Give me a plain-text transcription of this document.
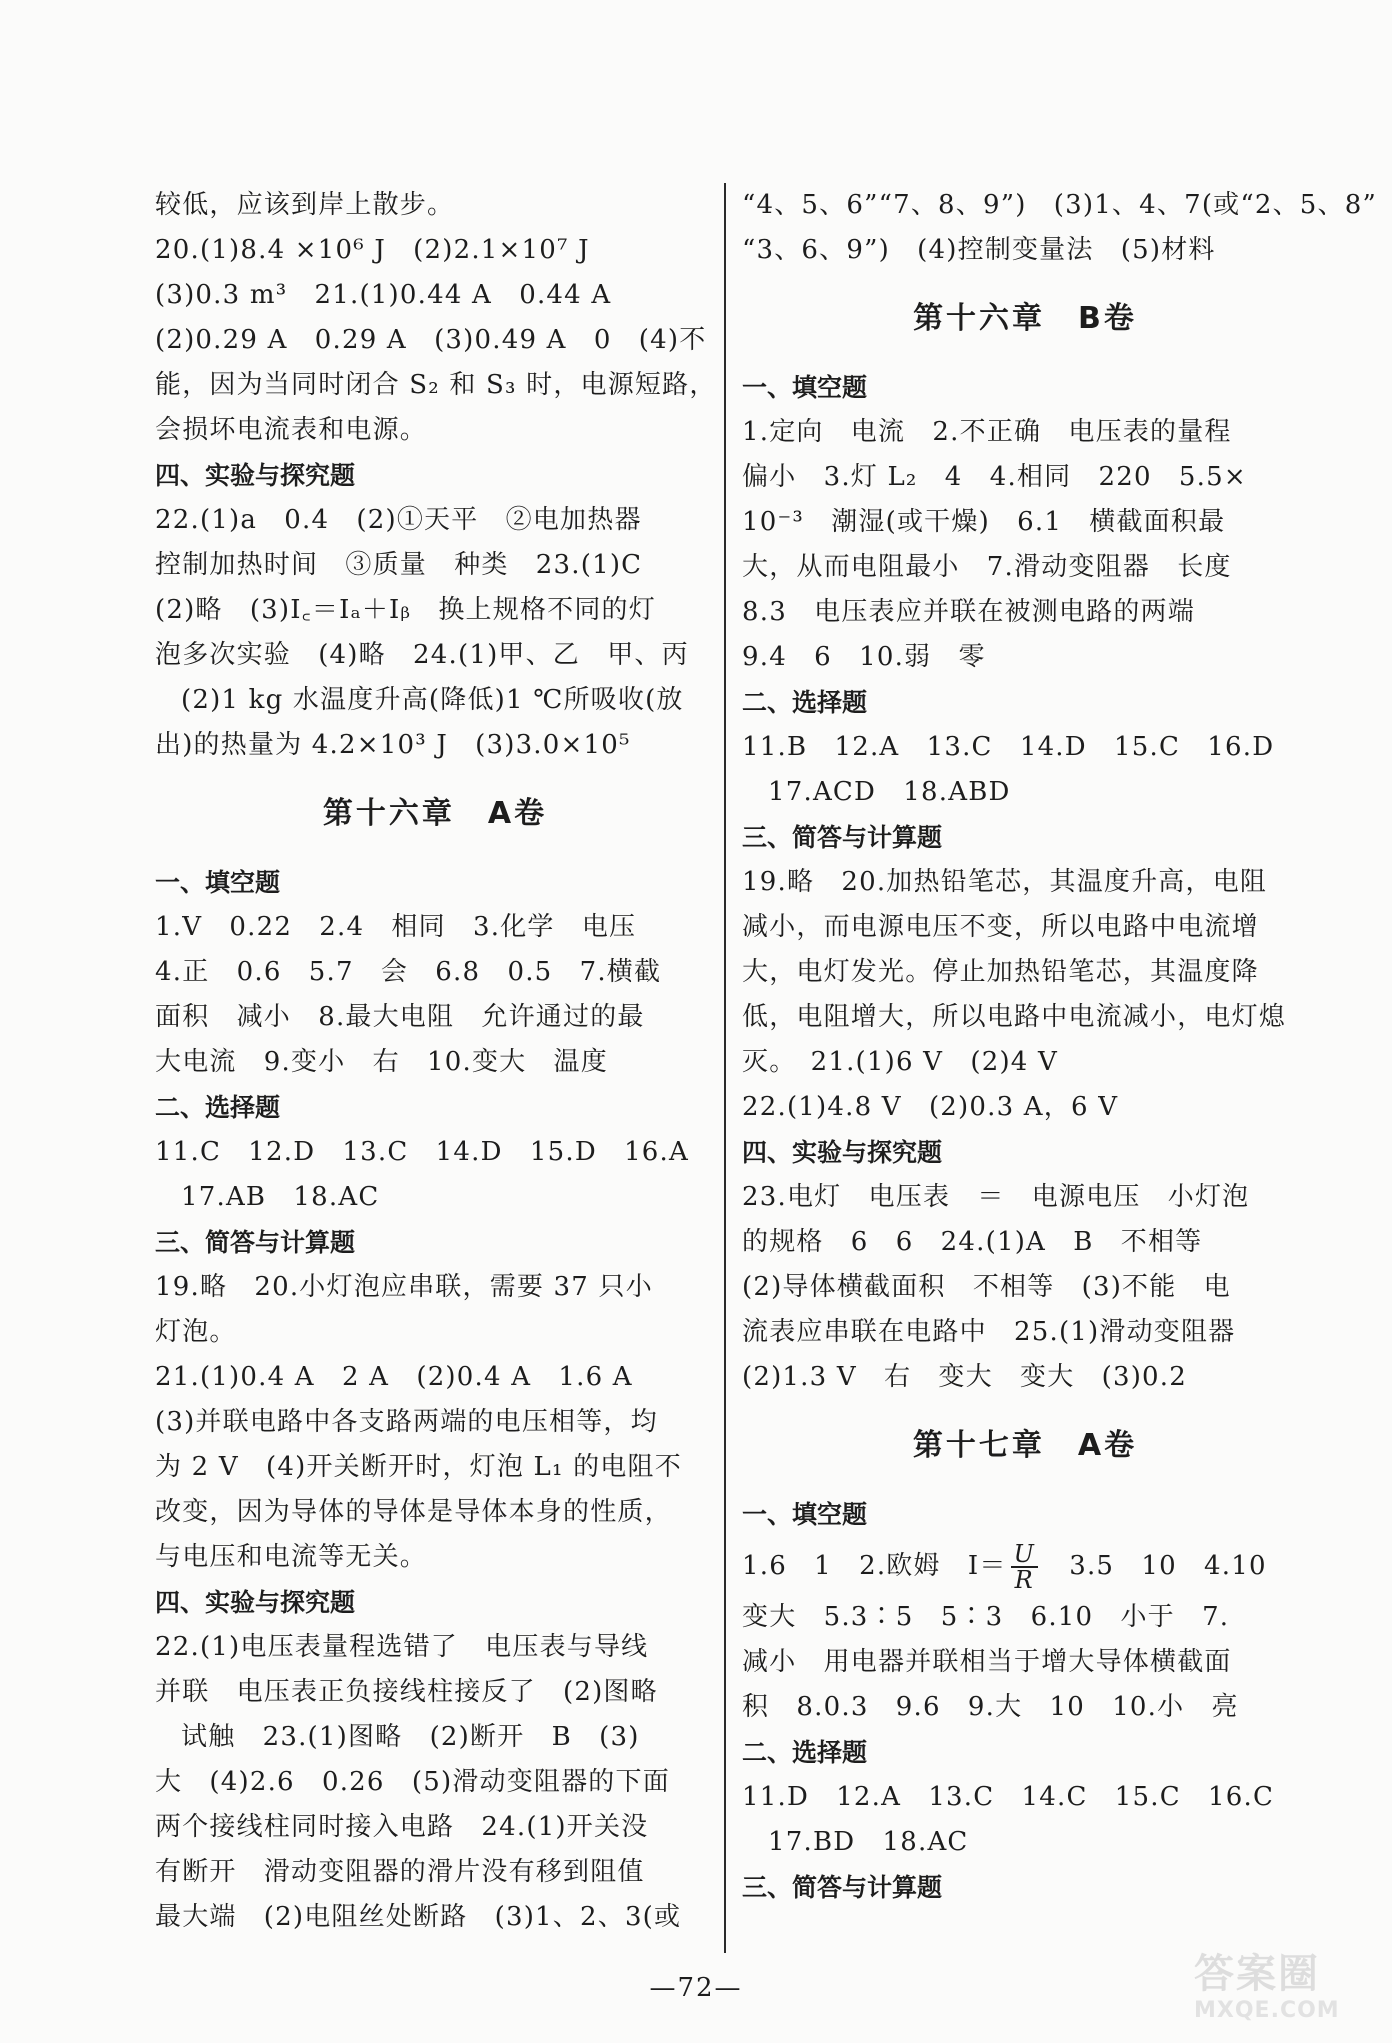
较低，应该到岸上散步。
20.(1)8.4 ×10⁶ J　(2)2.1×10⁷ J
(3)0.3 m³　21.(1)0.44 A　0.44 A
(2)0.29 A　0.29 A　(3)0.49 A　0　(4)不
能，因为当同时闭合 S₂ 和 S₃ 时，电源短路，
会损坏电流表和电源。
四、实验与探究题
22.(1)a　0.4　(2)①天平　②电加热器
控制加热时间　③质量　种类　23.(1)C
(2)略　(3)I꜀＝Iₐ＋Iᵦ　换上规格不同的灯
泡多次实验　(4)略　24.(1)甲、乙　甲、丙
(2)1 kg 水温度升高(降低)1 ℃所吸收(放
出)的热量为 4.2×10³ J　(3)3.0×10⁵
第十六章　A卷
一、填空题
1.V　0.22　2.4　相同　3.化学　电压
4.正　0.6　5.7　会　6.8　0.5　7.横截
面积　减小　8.最大电阻　允许通过的最
大电流　9.变小　右　10.变大　温度
二、选择题
11.C　12.D　13.C　14.D　15.D　16.A
17.AB　18.AC
三、简答与计算题
19.略　20.小灯泡应串联，需要 37 只小
灯泡。
21.(1)0.4 A　2 A　(2)0.4 A　1.6 A
(3)并联电路中各支路两端的电压相等，均
为 2 V　(4)开关断开时，灯泡 L₁ 的电阻不
改变，因为导体的导体是导体本身的性质，
与电压和电流等无关。
四、实验与探究题
22.(1)电压表量程选错了　电压表与导线
并联　电压表正负接线柱接反了　(2)图略
试触　23.(1)图略　(2)断开　B　(3)
大　(4)2.6　0.26　(5)滑动变阻器的下面
两个接线柱同时接入电路　24.(1)开关没
有断开　滑动变阻器的滑片没有移到阻值
最大端　(2)电阻丝处断路　(3)1、2、3(或
“4、5、6”“7、8、9”)　(3)1、4、7(或“2、5、8”
“3、6、9”)　(4)控制变量法　(5)材料
第十六章　B卷
一、填空题
1.定向　电流　2.不正确　电压表的量程
偏小　3.灯 L₂　4　4.相同　220　5.5×
10⁻³　潮湿(或干燥)　6.1　横截面积最
大，从而电阻最小　7.滑动变阻器　长度
8.3　电压表应并联在被测电路的两端
9.4　6　10.弱　零
二、选择题
11.B　12.A　13.C　14.D　15.C　16.D
17.ACD　18.ABD
三、简答与计算题
19.略　20.加热铅笔芯，其温度升高，电阻
减小，而电源电压不变，所以电路中电流增
大，电灯发光。停止加热铅笔芯，其温度降
低，电阻增大，所以电路中电流减小，电灯熄
灭。　21.(1)6 V　(2)4 V
22.(1)4.8 V　(2)0.3 A，6 V
四、实验与探究题
23.电灯　电压表　＝　电源电压　小灯泡
的规格　6　6　24.(1)A　B　不相等
(2)导体横截面积　不相等　(3)不能　电
流表应串联在电路中　25.(1)滑动变阻器
(2)1.3 V　右　变大　变大　(3)0.2
第十七章　A卷
一、填空题
1.6　1　2.欧姆　$I= \frac{U}{R}$ 　3.5　10　4.10
变大　5.3∶5　5∶3　6.10　小于　7.
减小　用电器并联相当于增大导体横截面
积　8.0.3　9.6　9.大　10　10.小　亮
二、选择题
11.D　12.A　13.C　14.C　15.C　16.C
17.BD　18.AC
三、简答与计算题
—72—	答案圈
MXQE.COM
